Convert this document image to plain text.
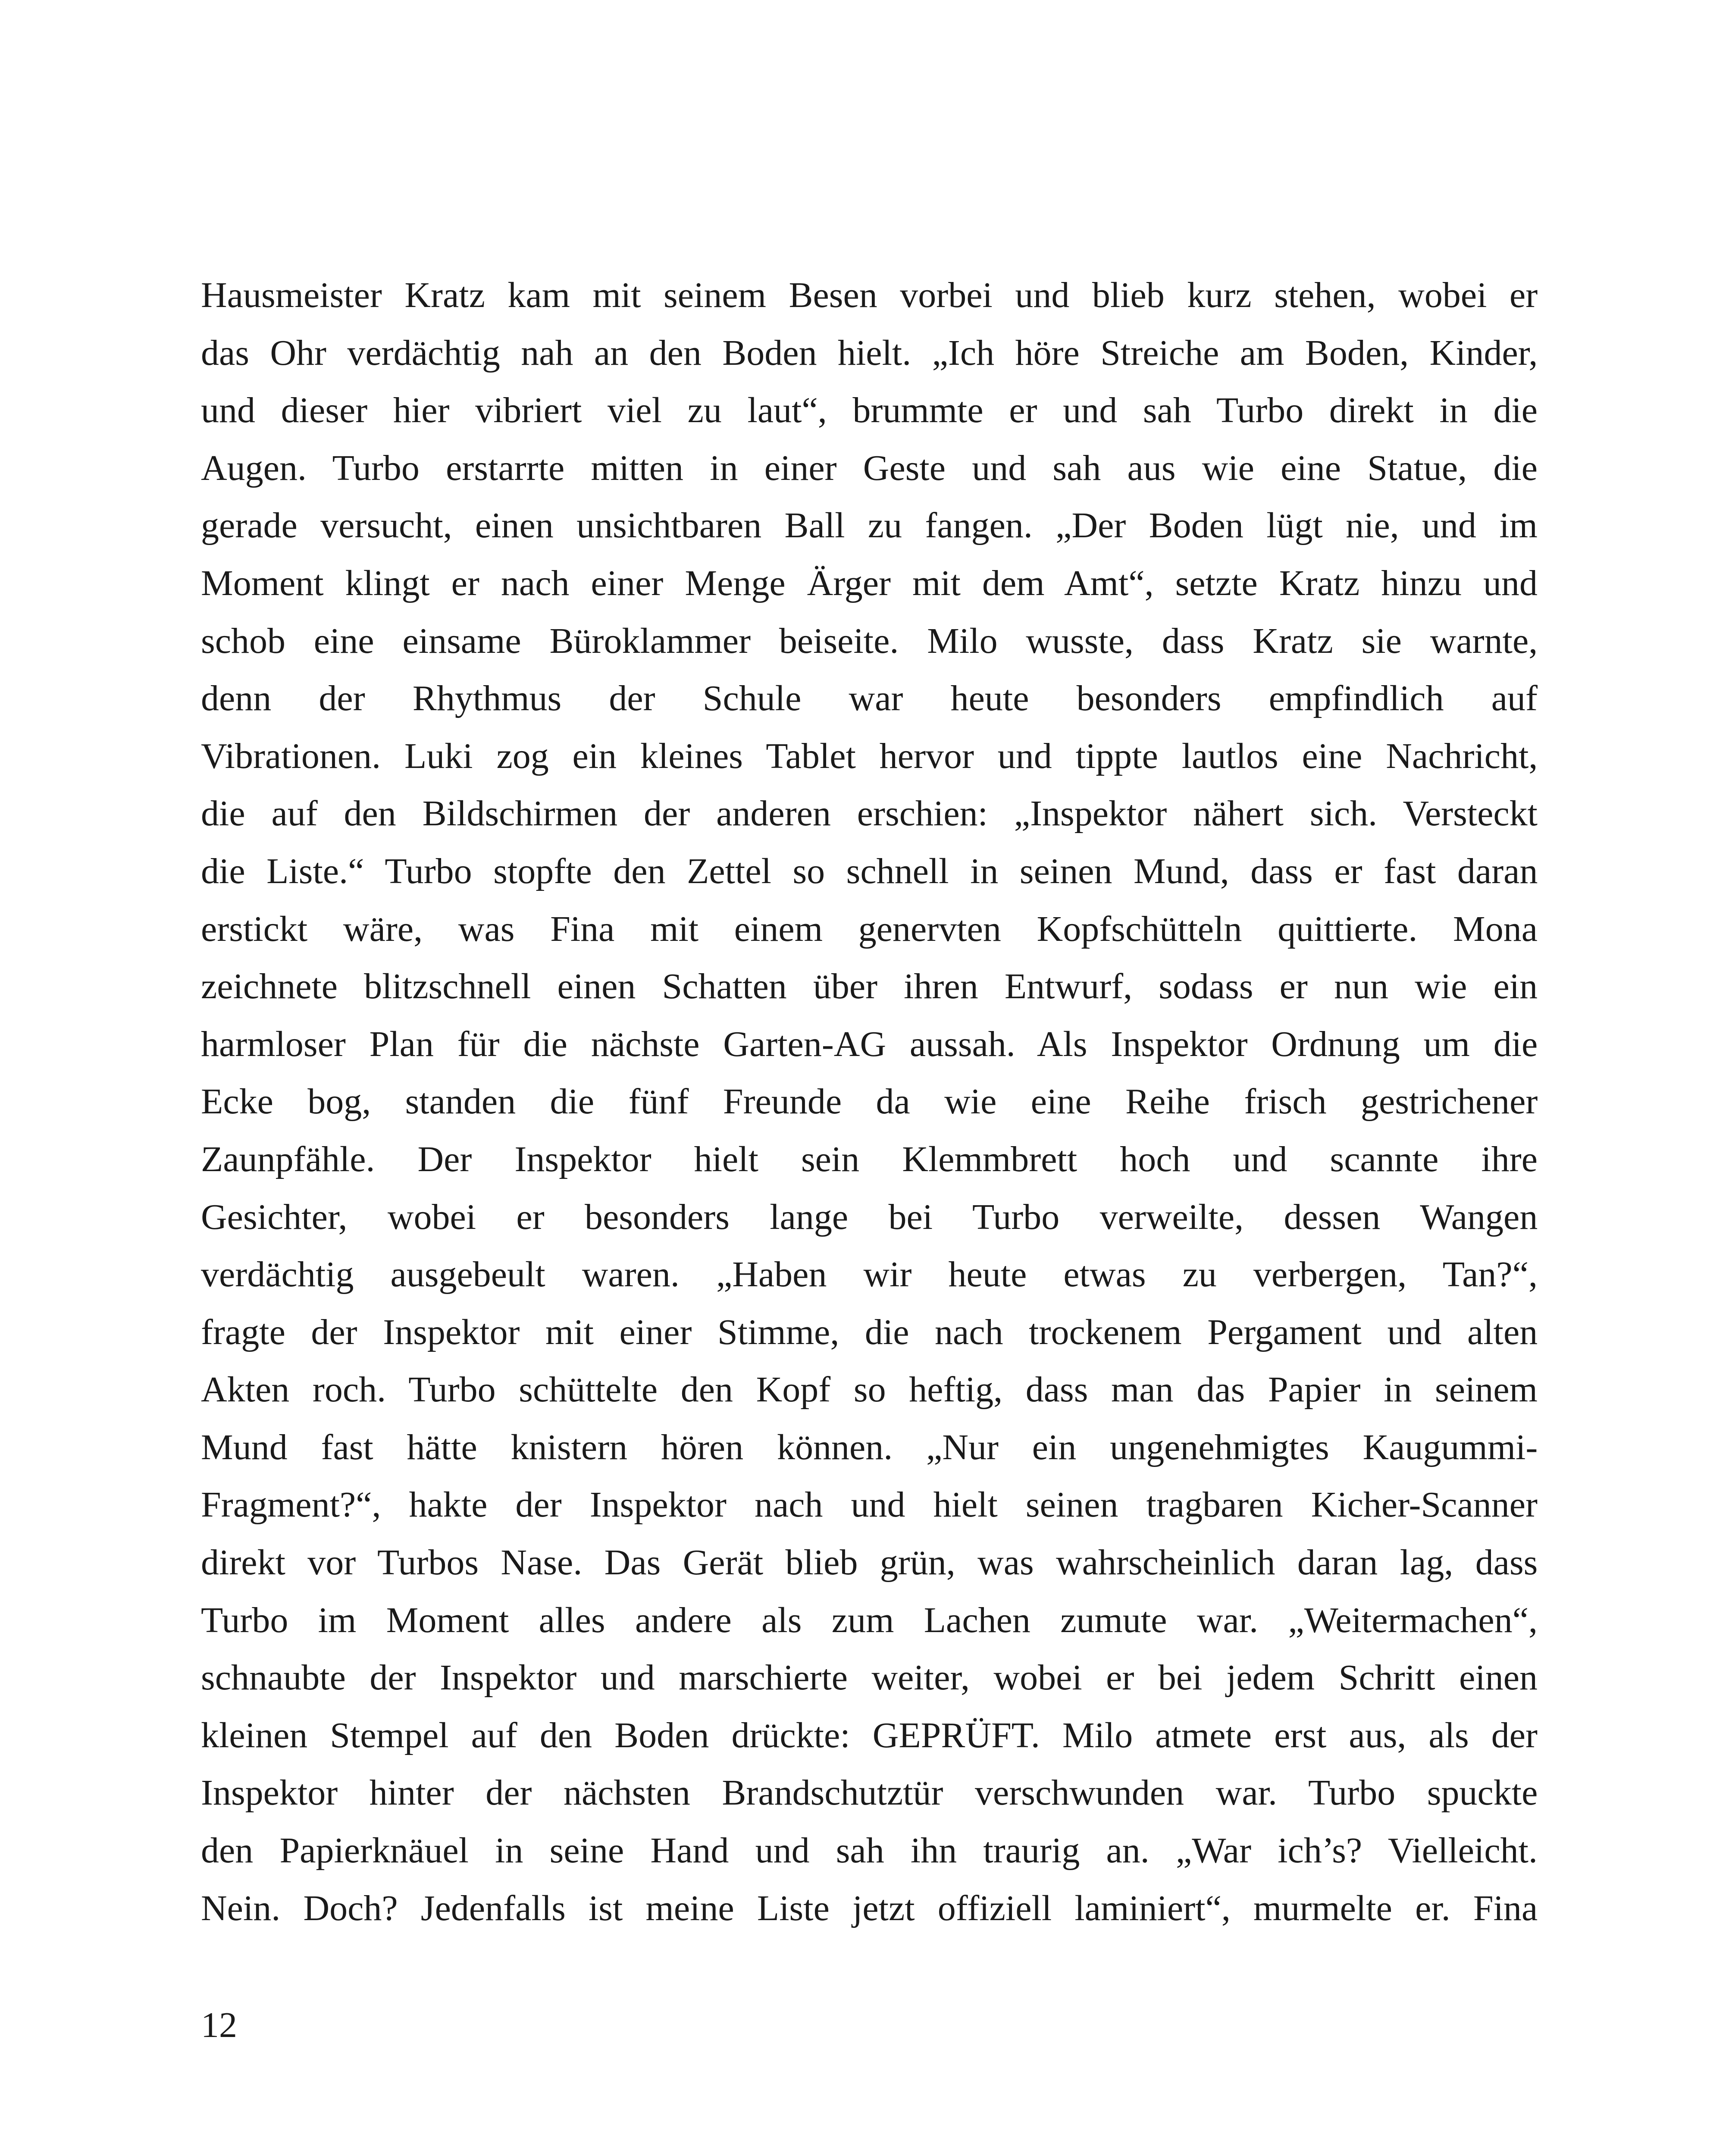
Hausmeister Kratz kam mit seinem Besen vorbei und blieb kurz stehen, wobei er
das Ohr verdächtig nah an den Boden hielt. „Ich höre Streiche am Boden, Kinder,
und dieser hier vibriert viel zu laut“, brummte er und sah Turbo direkt in die
Augen. Turbo erstarrte mitten in einer Geste und sah aus wie eine Statue, die
gerade versucht, einen unsichtbaren Ball zu fangen. „Der Boden lügt nie, und im
Moment klingt er nach einer Menge Ärger mit dem Amt“, setzte Kratz hinzu und
schob eine einsame Büroklammer beiseite. Milo wusste, dass Kratz sie warnte,
denn der Rhythmus der Schule war heute besonders empfindlich auf
Vibrationen. Luki zog ein kleines Tablet hervor und tippte lautlos eine Nachricht,
die auf den Bildschirmen der anderen erschien: „Inspektor nähert sich. Versteckt
die Liste.“ Turbo stopfte den Zettel so schnell in seinen Mund, dass er fast daran
erstickt wäre, was Fina mit einem genervten Kopfschütteln quittierte. Mona
zeichnete blitzschnell einen Schatten über ihren Entwurf, sodass er nun wie ein
harmloser Plan für die nächste Garten-AG aussah. Als Inspektor Ordnung um die
Ecke bog, standen die fünf Freunde da wie eine Reihe frisch gestrichener
Zaunpfähle. Der Inspektor hielt sein Klemmbrett hoch und scannte ihre
Gesichter, wobei er besonders lange bei Turbo verweilte, dessen Wangen
verdächtig ausgebeult waren. „Haben wir heute etwas zu verbergen, Tan?“,
fragte der Inspektor mit einer Stimme, die nach trockenem Pergament und alten
Akten roch. Turbo schüttelte den Kopf so heftig, dass man das Papier in seinem
Mund fast hätte knistern hören können. „Nur ein ungenehmigtes Kaugummi-
Fragment?“, hakte der Inspektor nach und hielt seinen tragbaren Kicher-Scanner
direkt vor Turbos Nase. Das Gerät blieb grün, was wahrscheinlich daran lag, dass
Turbo im Moment alles andere als zum Lachen zumute war. „Weitermachen“,
schnaubte der Inspektor und marschierte weiter, wobei er bei jedem Schritt einen
kleinen Stempel auf den Boden drückte: GEPRÜFT. Milo atmete erst aus, als der
Inspektor hinter der nächsten Brandschutztür verschwunden war. Turbo spuckte
den Papierknäuel in seine Hand und sah ihn traurig an. „War ich’s? Vielleicht.
Nein. Doch? Jedenfalls ist meine Liste jetzt offiziell laminiert“, murmelte er. Fina
12
